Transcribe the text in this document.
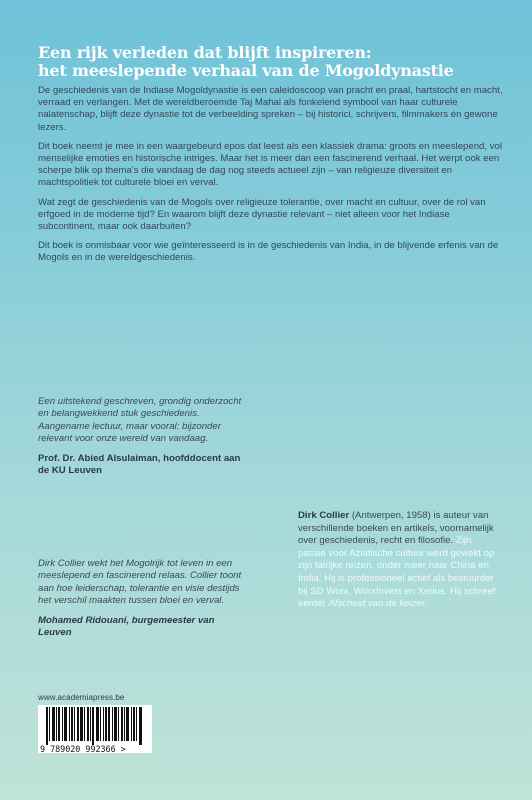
Een rijk verleden dat blijft inspireren:
het meeslepende verhaal van de Mogoldynastie

De geschiedenis van de Indiase Mogoldynastie is een caleidoscoop van pracht en praal, hartstocht en macht, verraad en verlangen. Met de wereldberoemde Taj Mahal als fonkelend symbool van haar culturele nalatenschap, blijft deze dynastie tot de verbeelding spreken – bij historici, schrijvers, filmmakers én gewone lezers.

Dit boek neemt je mee in een waargebeurd epos dat leest als een klassiek drama: groots en meeslepend, vol menselijke emoties en historische intriges. Maar het is meer dan een fascinerend verhaal. Het werpt ook een scherpe blik op thema's die vandaag de dag nog steeds actueel zijn – van religieuze diversiteit en machtspolitiek tot culturele bloei en verval.

Wat zegt de geschiedenis van de Mogols over religieuze tolerantie, over macht en cultuur, over de rol van erfgoed in de moderne tijd? En waarom blijft deze dynastie relevant – niet alleen voor het Indiase subcontinent, maar ook daarbuiten?

Dit boek is onmisbaar voor wie geïnteresseerd is in de geschiedenis van India, in de blijvende erfenis van de Mogols en in de wereldgeschiedenis.

Een uitstekend geschreven, grondig onderzocht en belangwekkend stuk geschiedenis. Aangename lectuur, maar vooral: bijzonder relevant voor onze wereld van vandaag.
Prof. Dr. Abied Alsulaiman, hoofddocent aan de KU Leuven
Dirk Collier wekt het Mogolrijk tot leven in een meeslepend en fascinerend relaas. Collier toont aan hoe leiderschap, tolerantie en visie destijds het verschil maakten tussen bloei en verval.
Mohamed Ridouani, burgemeester van Leuven
Dirk Collier (Antwerpen, 1958) is auteur van verschillende boeken en artikels, voornamelijk over geschiedenis, recht en filosofie. Zijn passie voor Aziatische cultuur werd gewekt op zijn talrijke reizen, onder meer naar China en India. Hij is professioneel actief als bestuurder bij SD Worx, WorxInvest en Xerius. Hij schreef eerder Afscheid van de keizer.
www.academiapress.be
9 789020 992366 >
